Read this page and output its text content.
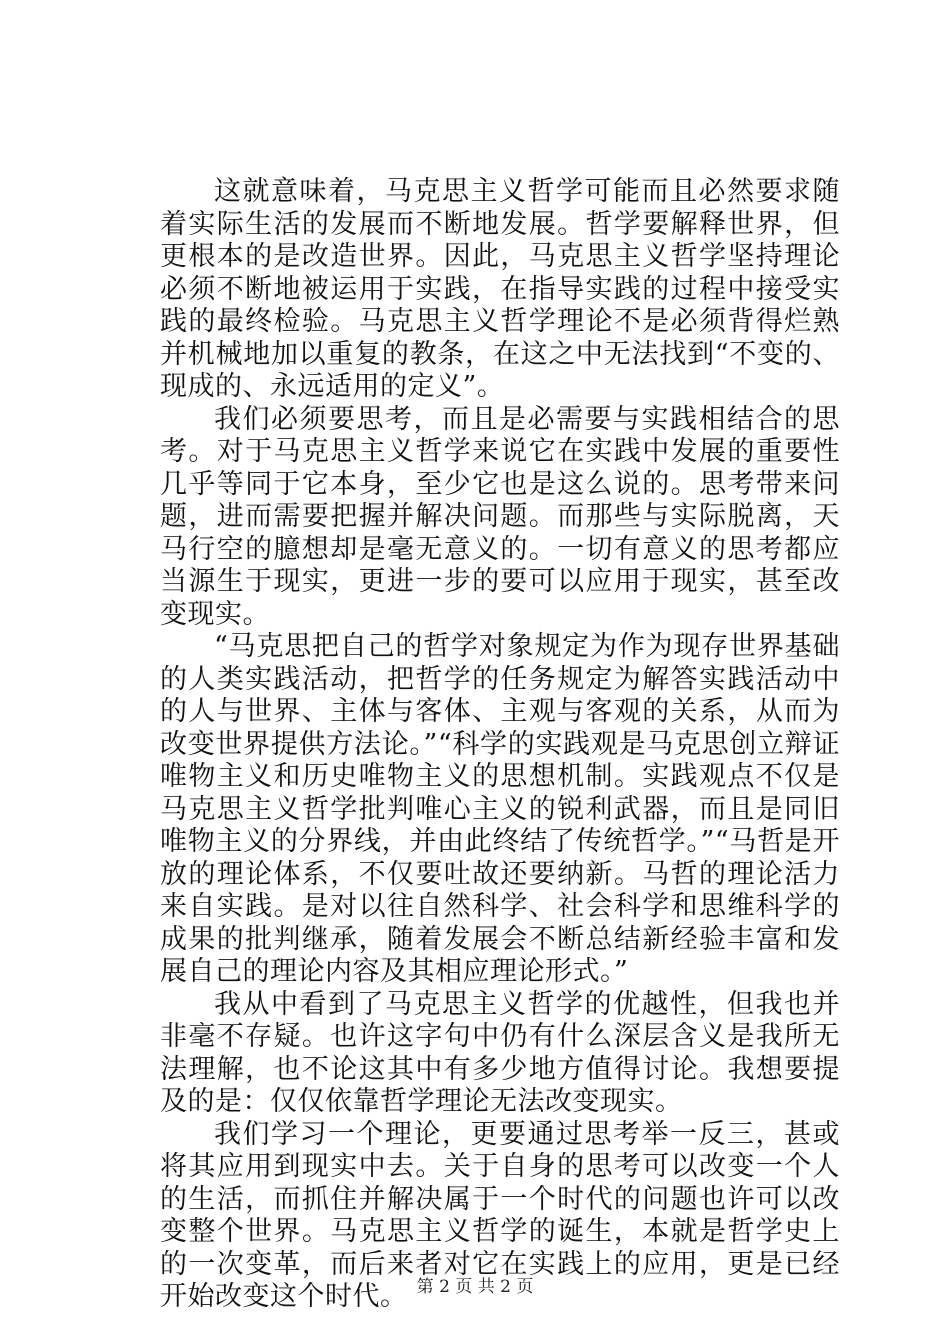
这就意味着，马克思主义哲学可能而且必然要求随着实际生活的发展而不断地发展。哲学要解释世界，但更根本的是改造世界。因此，马克思主义哲学坚持理论必须不断地被运用于实践，在指导实践的过程中接受实践的最终检验。马克思主义哲学理论不是必须背得烂熟并机械地加以重复的教条，在这之中无法找到“不变的、现成的、永远适用的定义”。

我们必须要思考，而且是必需要与实践相结合的思考。对于马克思主义哲学来说它在实践中发展的重要性几乎等同于它本身，至少它也是这么说的。思考带来问题，进而需要把握并解决问题。而那些与实际脱离，天马行空的臆想却是毫无意义的。一切有意义的思考都应当源生于现实，更进一步的要可以应用于现实，甚至改变现实。

“马克思把自己的哲学对象规定为作为现存世界基础的人类实践活动，把哲学的任务规定为解答实践活动中的人与世界、主体与客体、主观与客观的关系，从而为改变世界提供方法论。”“科学的实践观是马克思创立辩证唯物主义和历史唯物主义的思想机制。实践观点不仅是马克思主义哲学批判唯心主义的锐利武器，而且是同旧唯物主义的分界线，并由此终结了传统哲学。”“马哲是开放的理论体系，不仅要吐故还要纳新。马哲的理论活力来自实践。是对以往自然科学、社会科学和思维科学的成果的批判继承，随着发展会不断总结新经验丰富和发展自己的理论内容及其相应理论形式。”

我从中看到了马克思主义哲学的优越性，但我也并非毫不存疑。也许这字句中仍有什么深层含义是我所无法理解，也不论这其中有多少地方值得讨论。我想要提及的是：仅仅依靠哲学理论无法改变现实。

我们学习一个理论，更要通过思考举一反三，甚或将其应用到现实中去。关于自身的思考可以改变一个人的生活，而抓住并解决属于一个时代的问题也许可以改变整个世界。马克思主义哲学的诞生，本就是哲学史上的一次变革，而后来者对它在实践上的应用，更是已经开始改变这个时代。 第 2 页 共 2 页
